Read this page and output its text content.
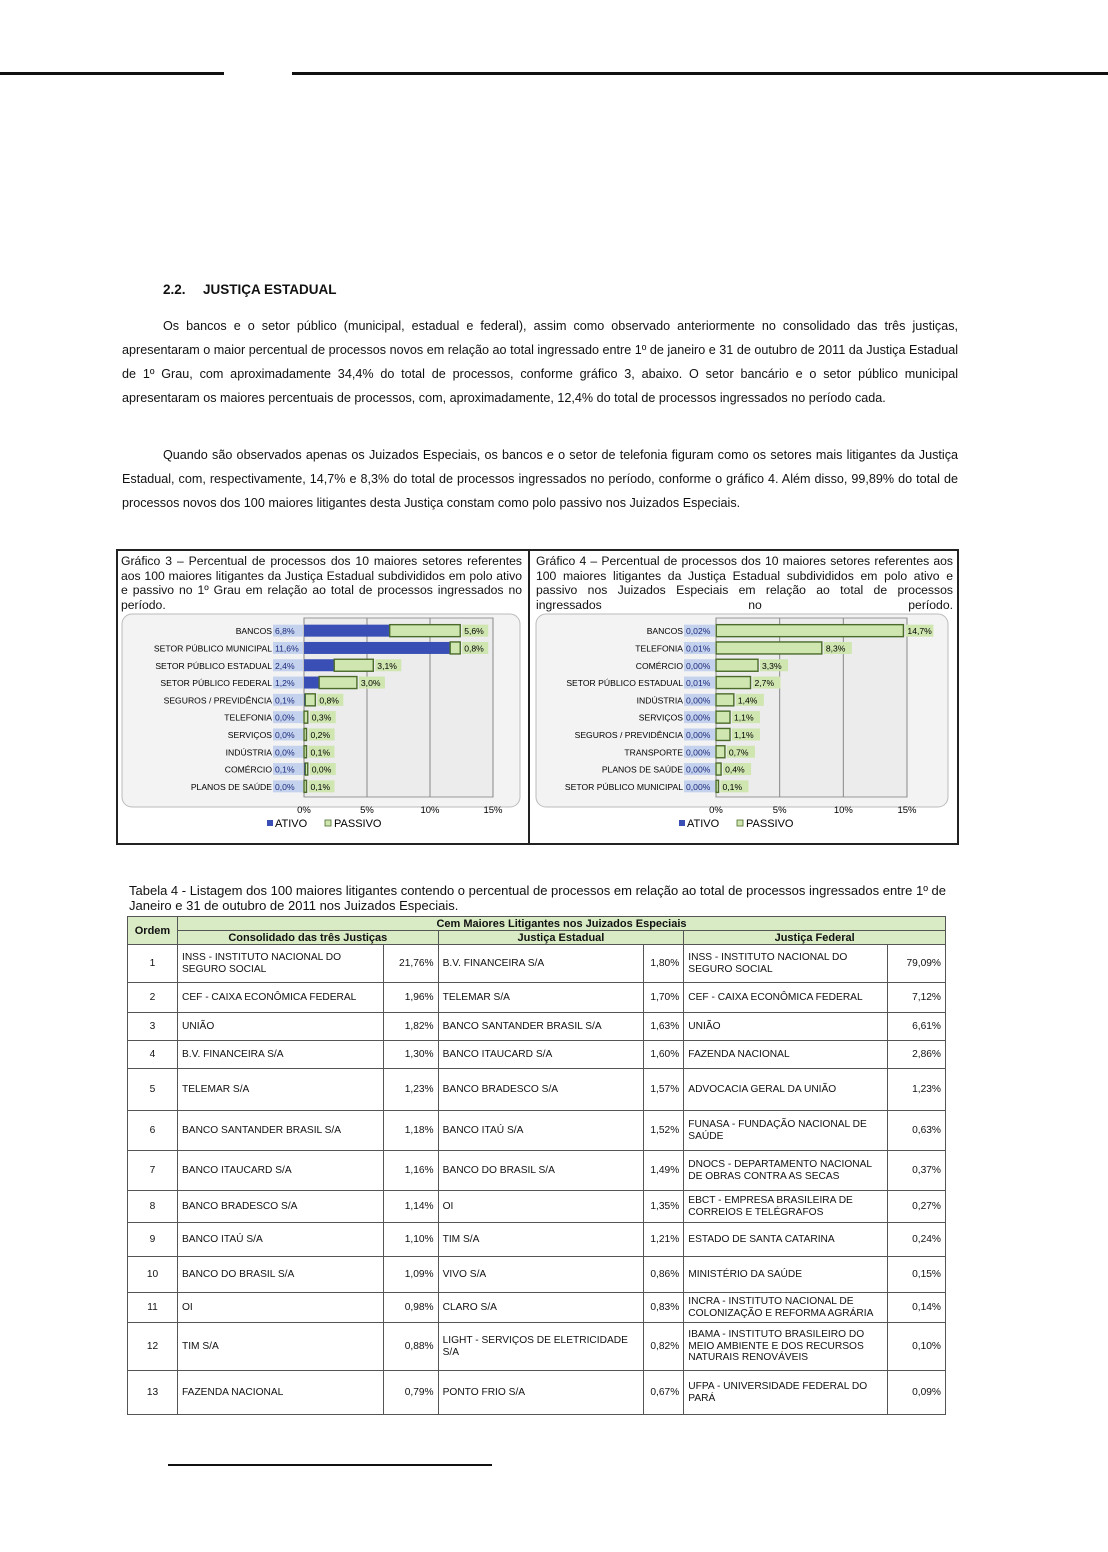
2.2. JUSTIÇA ESTADUAL

Os bancos e o setor público (municipal, estadual e federal), assim como observado anteriormente no consolidado das três justiças, apresentaram o maior percentual de processos novos em relação ao total ingressado entre 1º de janeiro e 31 de outubro de 2011 da Justiça Estadual de 1º Grau, com aproximadamente 34,4% do total de processos, conforme gráfico 3, abaixo. O setor bancário e o setor público municipal apresentaram os maiores percentuais de processos, com, aproximadamente, 12,4% do total de processos ingressados no período cada.

Quando são observados apenas os Juizados Especiais, os bancos e o setor de telefonia figuram como os setores mais litigantes da Justiça Estadual, com, respectivamente, 14,7% e 8,3% do total de processos ingressados no período, conforme o gráfico 4. Além disso, 99,89% do total de processos novos dos 100 maiores litigantes desta Justiça constam como polo passivo nos Juizados Especiais.

Gráfico 3 – Percentual de processos dos 10 maiores setores referentes aos 100 maiores litigantes da Justiça Estadual subdivididos em polo ativo e passivo no 1º Grau em relação ao total de processos ingressados no período.
Gráfico 4 – Percentual de processos dos 10 maiores setores referentes aos 100 maiores litigantes da Justiça Estadual subdivididos em polo ativo e passivo nos Juizados Especiais em relação ao total de processos ingressados no período.
0%	5%	10%	15%
BANCOS 6,8%	5,6%
SETOR PÚBLICO MUNICIPAL 11,6%	0,8%
SETOR PÚBLICO ESTADUAL 2,4%	3,1%
SETOR PÚBLICO FEDERAL 1,2%	3,0%
SEGUROS / PREVIDÊNCIA 0,1%	0,8%
TELEFONIA 0,0% 0,3%
SERVIÇOS 0,0% 0,2%
INDÚSTRIA 0,0% 0,1%
COMÉRCIO 0,1% 0,0%
PLANOS DE SAÚDE 0,0% 0,1%
ATIVO PASSIVO
0%	5%	10%	15%
BANCOS 0,02%	14,7%
TELEFONIA 0,01%	8,3%
COMÉRCIO 0,00%	3,3%
SETOR PÚBLICO ESTADUAL 0,01%	2,7%
INDÚSTRIA 0,00%	1,4%
SERVIÇOS 0,00%	1,1%
SEGUROS / PREVIDÊNCIA 0,00%	1,1%
TRANSPORTE 0,00% 0,7%
PLANOS DE SAÚDE 0,00% 0,4%
SETOR PÚBLICO MUNICIPAL 0,00% 0,1%
ATIVO PASSIVO
Tabela 4 - Listagem dos 100 maiores litigantes contendo o percentual de processos em relação ao total de processos ingressados entre 1º de Janeiro e 31 de outubro de 2011 nos Juizados Especiais.
Ordem	Cem Maiores Litigantes nos Juizados Especiais					
	Consolidado das três Justiças		Justiça Estadual		Justiça Federal	
1	INSS - INSTITUTO NACIONAL DO SEGURO SOCIAL	21,76%	B.V. FINANCEIRA S/A	1,80%	INSS - INSTITUTO NACIONAL DO SEGURO SOCIAL	79,09%
2	CEF - CAIXA ECONÔMICA FEDERAL	1,96%	TELEMAR S/A	1,70%	CEF - CAIXA ECONÔMICA FEDERAL	7,12%
3	UNIÃO	1,82%	BANCO SANTANDER BRASIL S/A	1,63%	UNIÃO	6,61%
4	B.V. FINANCEIRA S/A	1,30%	BANCO ITAUCARD S/A	1,60%	FAZENDA NACIONAL	2,86%
5	TELEMAR S/A	1,23%	BANCO BRADESCO S/A	1,57%	ADVOCACIA GERAL DA UNIÃO	1,23%
6	BANCO SANTANDER BRASIL S/A	1,18%	BANCO ITAÚ S/A	1,52%	FUNASA - FUNDAÇÃO NACIONAL DE SAÚDE	0,63%
7	BANCO ITAUCARD S/A	1,16%	BANCO DO BRASIL S/A	1,49%	DNOCS - DEPARTAMENTO NACIONAL DE OBRAS CONTRA AS SECAS	0,37%
8	BANCO BRADESCO S/A	1,14%	OI	1,35%	EBCT - EMPRESA BRASILEIRA DE CORREIOS E TELÉGRAFOS	0,27%
9	BANCO ITAÚ S/A	1,10%	TIM S/A	1,21%	ESTADO DE SANTA CATARINA	0,24%
10	BANCO DO BRASIL S/A	1,09%	VIVO S/A	0,86%	MINISTÉRIO DA SAÚDE	0,15%
11	OI	0,98%	CLARO S/A	0,83%	INCRA - INSTITUTO NACIONAL DE COLONIZAÇÃO E REFORMA AGRÁRIA	0,14%
12	TIM S/A	0,88%	LIGHT - SERVIÇOS DE ELETRICIDADE S/A	0,82%	IBAMA - INSTITUTO BRASILEIRO DO MEIO AMBIENTE E DOS RECURSOS NATURAIS RENOVÁVEIS	0,10%
13	FAZENDA NACIONAL	0,79%	PONTO FRIO S/A	0,67%	UFPA - UNIVERSIDADE FEDERAL DO PARÁ	0,09%
